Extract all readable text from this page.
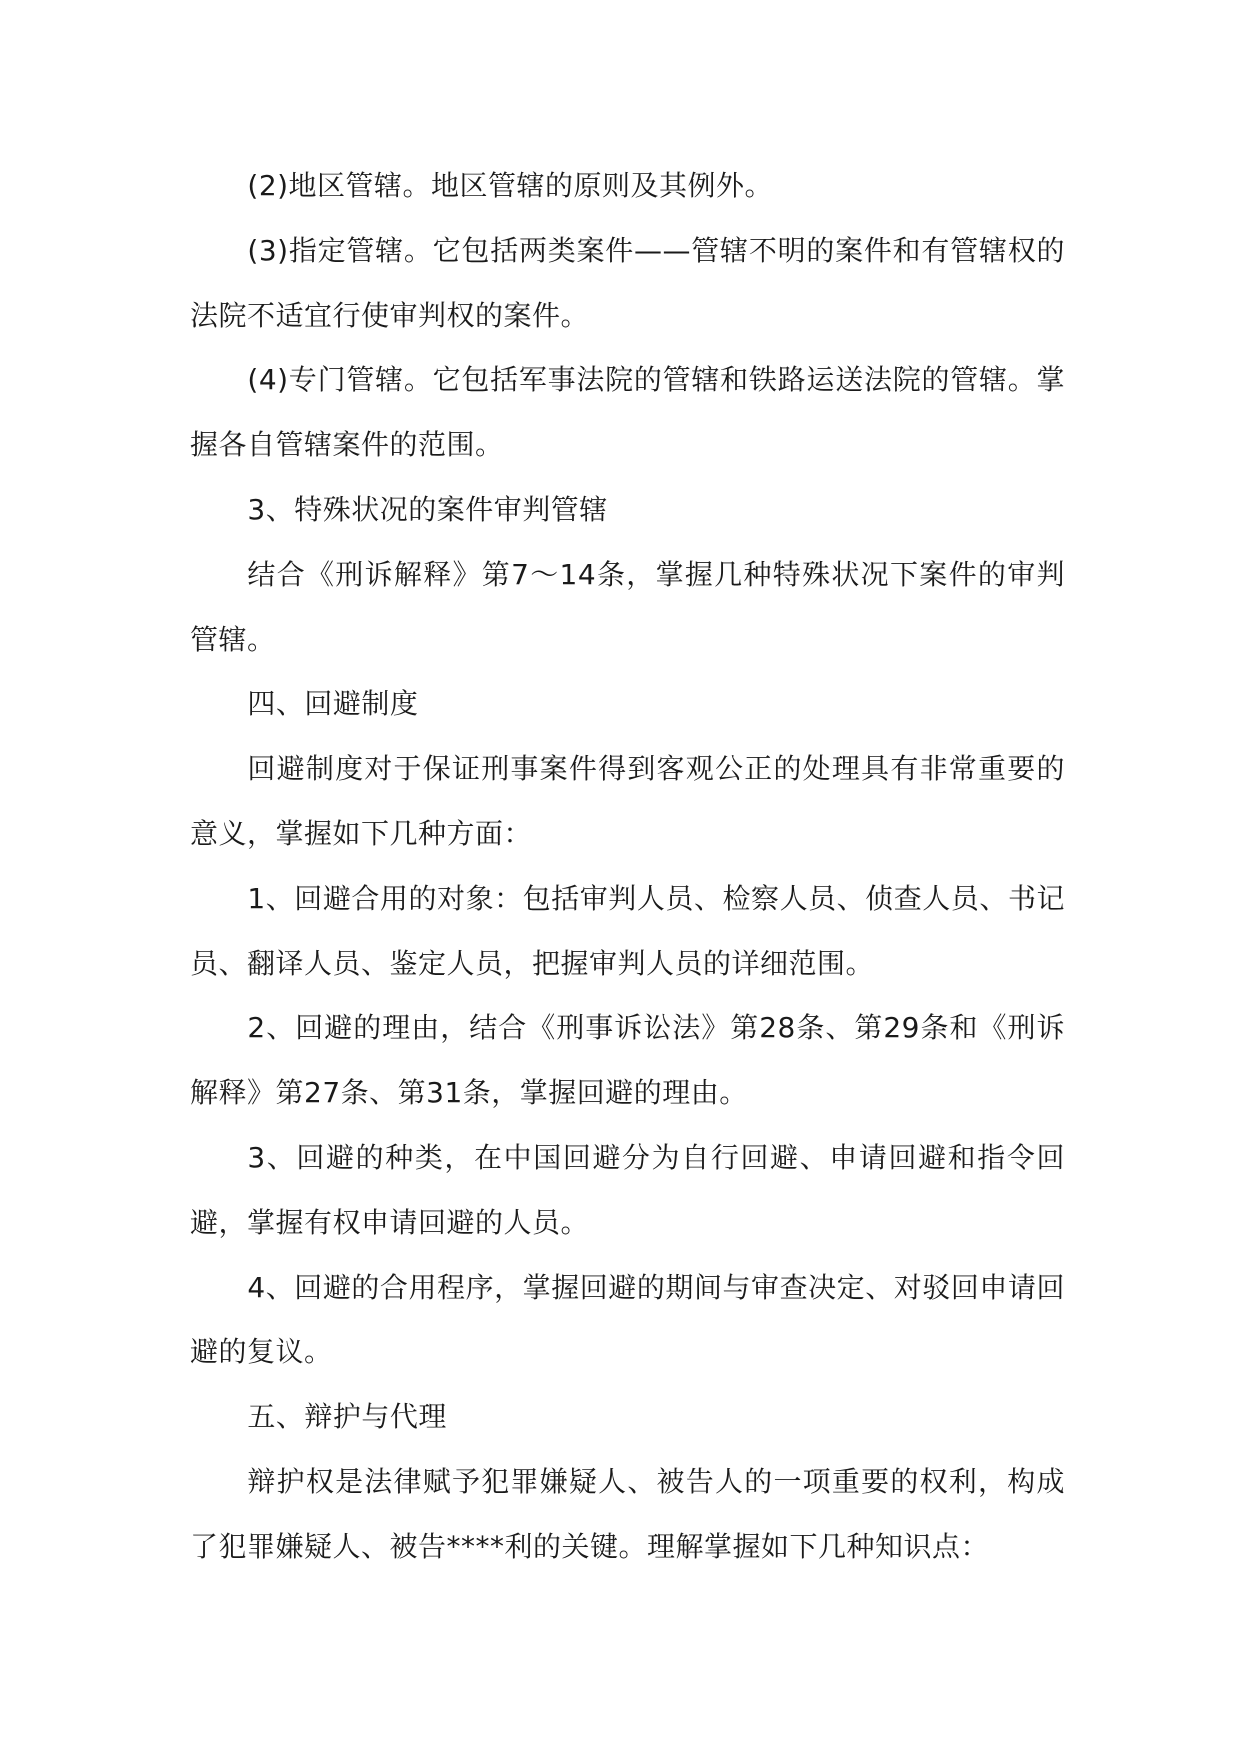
(2)地区管辖。地区管辖的原则及其例外。

(3)指定管辖。它包括两类案件——管辖不明的案件和有管辖权的法院不适宜行使审判权的案件。

(4)专门管辖。它包括军事法院的管辖和铁路运送法院的管辖。掌握各自管辖案件的范围。

3、特殊状况的案件审判管辖

结合《刑诉解释》第7～14条，掌握几种特殊状况下案件的审判管辖。

四、回避制度

回避制度对于保证刑事案件得到客观公正的处理具有非常重要的意义，掌握如下几种方面：

1、回避合用的对象：包括审判人员、检察人员、侦查人员、书记员、翻译人员、鉴定人员，把握审判人员的详细范围。

2、回避的理由，结合《刑事诉讼法》第28条、第29条和《刑诉解释》第27条、第31条，掌握回避的理由。

3、回避的种类，在中国回避分为自行回避、申请回避和指令回避，掌握有权申请回避的人员。

4、回避的合用程序，掌握回避的期间与审查决定、对驳回申请回避的复议。

五、辩护与代理

辩护权是法律赋予犯罪嫌疑人、被告人的一项重要的权利，构成了犯罪嫌疑人、被告****利的关键。理解掌握如下几种知识点：
